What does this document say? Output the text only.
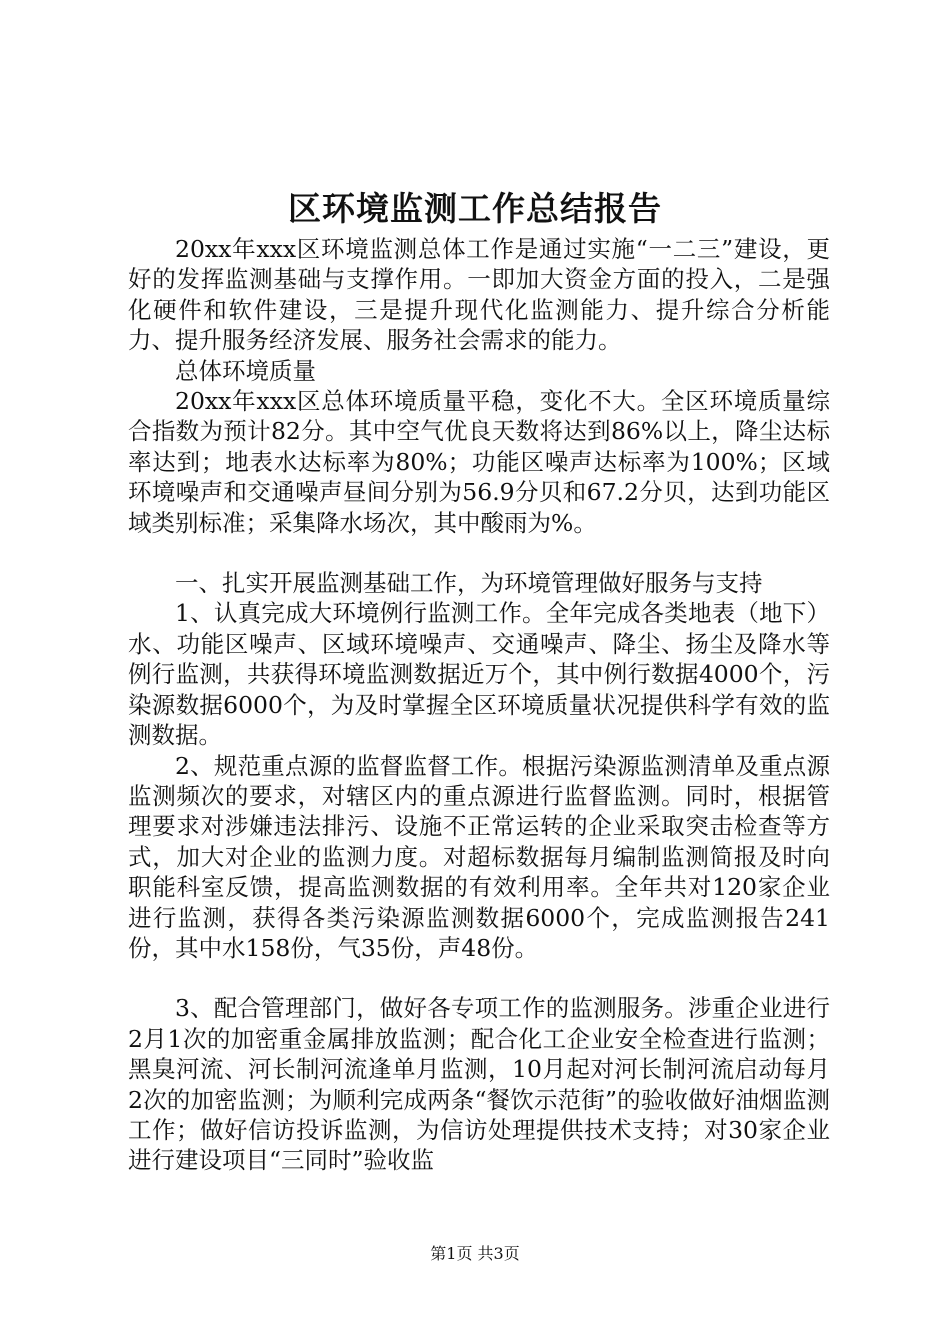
区环境监测工作总结报告

20xx年xxx区环境监测总体工作是通过实施“一二三”建设，更好的发挥监测基础与支撑作用。一即加大资金方面的投入，二是强化硬件和软件建设，三是提升现代化监测能力、提升综合分析能力、提升服务经济发展、服务社会需求的能力。

总体环境质量

20xx年xxx区总体环境质量平稳，变化不大。全区环境质量综合指数为预计82分。其中空气优良天数将达到86%以上，降尘达标率达到；地表水达标率为80%；功能区噪声达标率为100%；区域环境噪声和交通噪声昼间分别为56.9分贝和67.2分贝，达到功能区域类别标准；采集降水场次，其中酸雨为%。

一、扎实开展监测基础工作，为环境管理做好服务与支持

1、认真完成大环境例行监测工作。全年完成各类地表（地下）水、功能区噪声、区域环境噪声、交通噪声、降尘、扬尘及降水等例行监测，共获得环境监测数据近万个，其中例行数据4000个，污染源数据6000个，为及时掌握全区环境质量状况提供科学有效的监测数据。

2、规范重点源的监督监督工作。根据污染源监测清单及重点源监测频次的要求，对辖区内的重点源进行监督监测。同时，根据管理要求对涉嫌违法排污、设施不正常运转的企业采取突击检查等方式，加大对企业的监测力度。对超标数据每月编制监测简报及时向职能科室反馈，提高监测数据的有效利用率。全年共对120家企业进行监测，获得各类污染源监测数据6000个，完成监测报告241份，其中水158份，气35份，声48份。

3、配合管理部门，做好各专项工作的监测服务。涉重企业进行2月1次的加密重金属排放监测；配合化工企业安全检查进行监测；黑臭河流、河长制河流逢单月监测，10月起对河长制河流启动每月2次的加密监测；为顺利完成两条“餐饮示范街”的验收做好油烟监测工作；做好信访投诉监测，为信访处理提供技术支持；对30家企业进行建设项目“三同时”验收监

第1页 共3页
